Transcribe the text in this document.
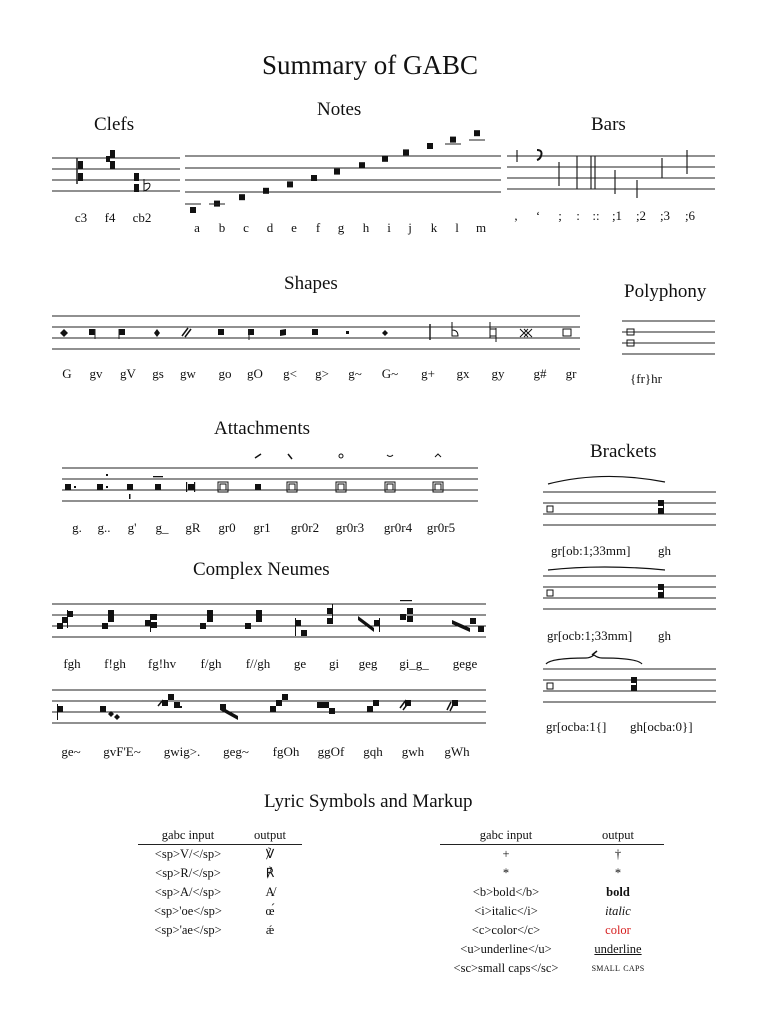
Summary of GABC
Clefs
c3	f4	cb2
Notes
a	b	c	d	e	f	g	h	i	j	k	l	m
Bars
,	‘	;	: :: ;1	;2	;3	;6
Shapes
G	gv	gV	gs	gw	go	gO	g<	g>	g~	G~	g+	gx	gy	g#	gr
Polyphony
{fr}hr
Attachments
g.	g..	g'	g_	gR	gr0	gr1	gr0r2	gr0r3	gr0r4	gr0r5
Brackets
gr[ob:1;33mm] gh
gr[ocb:1;33mm] gh
gr[ocba:1{] gh[ocba:0}]
Complex Neumes
fgh	f!gh	fg!hv	f/gh	f//gh	ge	gi	geg	gi_g_	gege
ge~	gvF'E~	gwig>.	geg~	fgOh	ggOf	gqh	gwh	gWh
Lyric Symbols and Markup
gabc input	output
<sp>V/</sp>	℣
<sp>R/</sp>	℟
<sp>A/</sp>	A̸
<sp>'oe</sp>	œ́
<sp>'ae</sp>	ǽ
gabc input	output
+	†
*	*
<b>bold</b>	bold
<i>italic</i>	italic
<c>color</c>	color
<u>underline</u>	underline
<sc>small caps</sc>	small caps
